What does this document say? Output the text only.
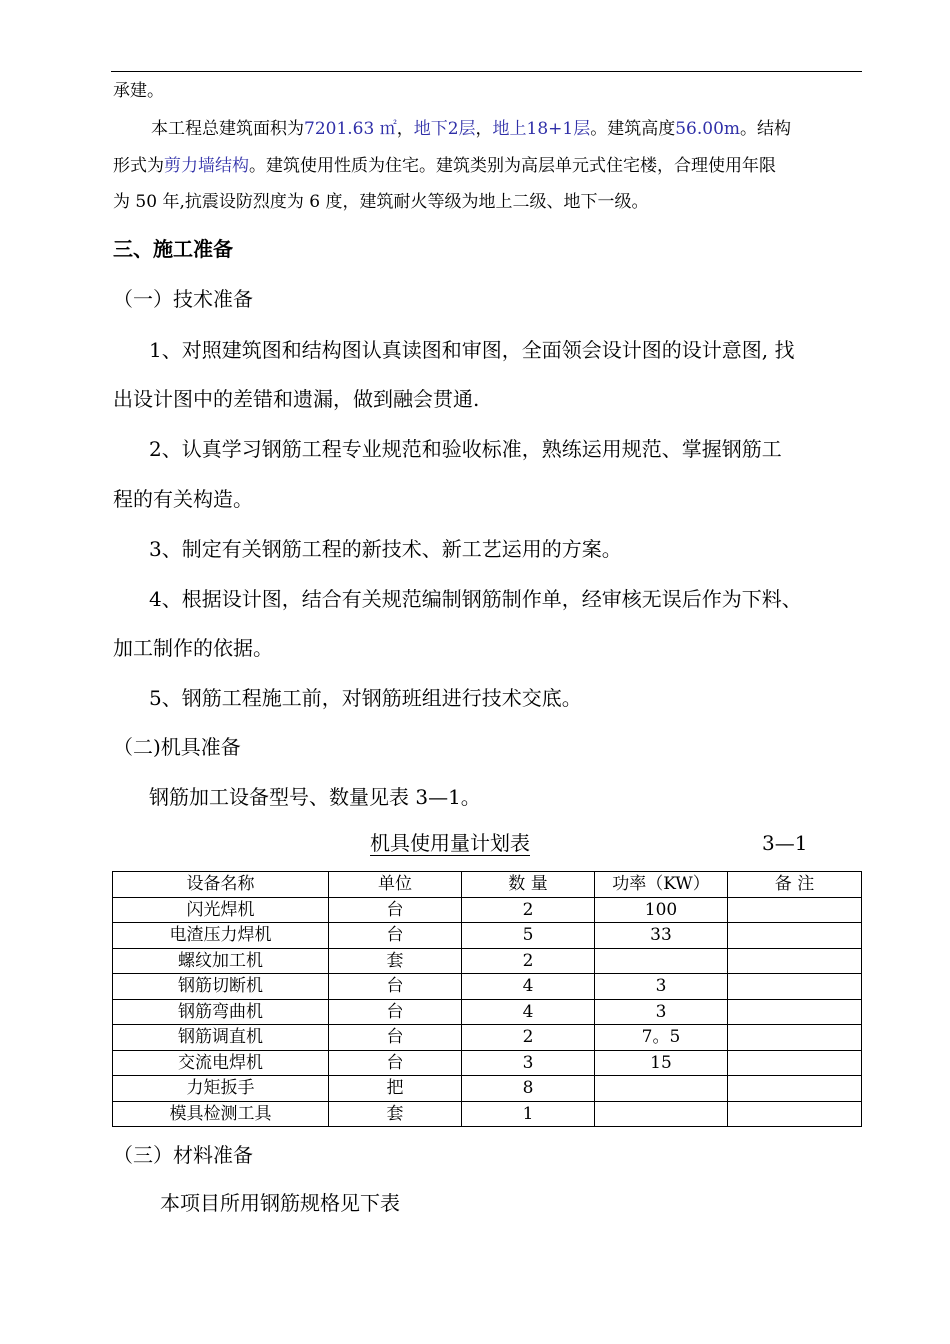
承建。
本工程总建筑面积为7201.63 ㎡，地下2层，地上18+1层。建筑高度56.00m。结构
形式为剪力墙结构。建筑使用性质为住宅。建筑类别为高层单元式住宅楼，合理使用年限
为 50 年,抗震设防烈度为 6 度，建筑耐火等级为地上二级、地下一级。
三、施工准备
（一）技术准备
1、对照建筑图和结构图认真读图和审图，全面领会设计图的设计意图, 找
出设计图中的差错和遗漏，做到融会贯通.
2、认真学习钢筋工程专业规范和验收标准，熟练运用规范、掌握钢筋工
程的有关构造。
3、制定有关钢筋工程的新技术、新工艺运用的方案。
4、根据设计图，结合有关规范编制钢筋制作单，经审核无误后作为下料、
加工制作的依据。
5、钢筋工程施工前，对钢筋班组进行技术交底。
（二)机具准备
钢筋加工设备型号、数量见表 3—1。
机具使用量计划表	3—1
设备名称	单位	数 量	功率（KW）	备 注
闪光焊机	台	2	100	
电渣压力焊机	台	5	33	
螺纹加工机	套	2		
钢筋切断机	台	4	3	
钢筋弯曲机	台	4	3	
钢筋调直机	台	2	7。5	
交流电焊机	台	3	15	
力矩扳手	把	8		
模具检测工具	套	1		
（三）材料准备
本项目所用钢筋规格见下表
